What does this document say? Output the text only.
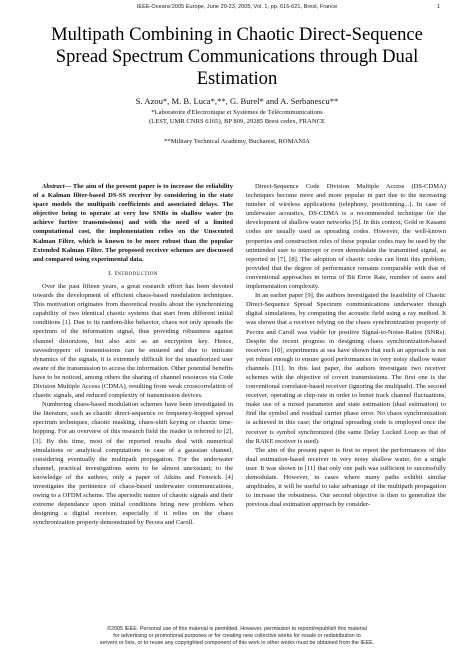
IEEE-Oceans'2005 Europe, June 20-23, 2005, Vol. 1, pp. 616-621, Brest, France	1
Multipath Combining in Chaotic Direct-Sequence Spread Spectrum Communications through Dual Estimation
S. Azou*, M. B. Luca*,**, G. Burel* and A. Serbanescu**
*Laboratoire d'Electronique et Systèmes de Télécommunications
(LEST, UMR CNRS 6165), BP 809, 29285 Brest cedex, FRANCE
**Military Technical Academy, Bucharest, ROMANIA

Abstract— The aim of the present paper is to increase the reliability of a Kalman filter-based DS-SS receiver by considering in the state space models the multipath coefficients and associated delays. The objective being to operate at very low SNRs in shallow water (to achieve furtive transmissions) and with the need of a limited computational cost, the implementation relies on the Unscented Kalman Filter, which is known to be more robust than the popular Extended Kalman Filter. The proposed receiver schemes are discussed and compared using experimental data.

I. Introduction

Over the past fifteen years, a great research effort has been devoted towards the development of efficient chaos-based modulation techniques. This motivation originates from theoretical results about the synchronizing capability of two identical chaotic systems that start from different initial conditions [1]. Due to its random-like behavior, chaos not only spreads the spectrum of the information signal, thus providing robustness against channel distorsions, but also acts as an encryption key. Hence, eavesdroppers of transmissions can be ensured and due to intricate dynamics of the signals, it is extremely difficult for the unauthorized user aware of the transmission to access the information. Other potential benefits have to be noticed, among others the sharing of channel resources via Code Division Multiple Access (CDMA), resulting from weak crosscorrelation of chaotic signals, and reduced complexity of transmission devices.

Numbering chaos-based modulation schemes have been investigated in the literature, such as chaotic direct-sequence or frequency-hopped spread spectrum techniques, chaotic masking, chaos-shift keying or chaotic time-hopping. For an overview of this research field the reader is referred to [2], [3]. By this time, most of the reported results deal with numerical simulations or analytical computations in case of a gaussian channel, considering eventually the multipath propagation. For the underwater channel, practical investigations seem to be almost unexistant; to the knowledge of the authors, only a paper of Atkins and Fenwick [4] investigates the pertinence of chaos-based underwater communications, owing to a OFDM scheme. The aperiodic nature of chaotic signals and their extreme dependance upon initial conditions bring new problem when designing a digital receiver, especially if it relies on the chaos synchronization property demonstrated by Pecora and Caroll.

Direct-Sequence Code Division Multiple Access (DS-CDMA) techniques become more and more popular in part due to the increasing number of wireless applications (telephony, positionning...). In case of underwater acoustics, DS-CDMA is a recommended technique for the development of shallow water networks [5]. In this context, Gold or Kasami codes are usually used as spreading codes. However, the well-known properties and construction rules of these popular codes may be used by the unintended user to intercept or even demodulate the transmitted signal, as reported in [7], [8]. The adoption of chaotic codes can limit this problem, provided that the degree of performance remains comparable with that of conventional approaches in terms of Bit Error Rate, number of users and implementation complexity.

In an earlier paper [9], the authors investigated the feasibility of Chaotic Direct-Sequence Spread Spectrum communications underwater though digital simulations, by computing the acoustic field using a ray method. It was shown that a receiver relying on the chaos synchronization property of Pecora and Caroll was viable for positive Signal-to-Noise-Ratios (SNRs). Despite the recent progress in designing chaos synchronization-based receivers [10], experiments at sea have shown that such an approach is not yet robust enough to ensure good performances in very noisy shallow water channels [11]. In this last paper, the authors investigate two receiver schemes with the objective of covert transmissions. The first one is the conventional correlator-based receiver (ignoring the multipath). The second receiver, operating at chip-rate in order to better track channel fluctuations, make use of a mixed parameter and state estimation (dual estimation) to find the symbol and residual carrier phase error. No chaos synchronization is achieved in this case; the original spreading code is employed once the receiver is symbol synchronized (the same Delay Locked Loop as that of the RAKE receiver is used).

The aim of the present paper is first to report the performances of this dual estimation-based receiver in very noisy shallow water, for a single user. It was shown in [11] that only one path was sufficient to successfully demodulate. However, in cases where many paths exhibit similar amplitudes, it will be useful to take advantage of the multipath propagation to increase the robustness. Our second objective is then to generalize the previous dual estimation approach by consider-

©2005 IEEE. Personal use of this material is permitted. However, permission to reprint/republish this material
for advertising or promotional purposes or for creating new collective works for resale or redistribution to
servers or lists, or to reuse any copyrighted component of this work in other works must be obtained from the IEEE.
